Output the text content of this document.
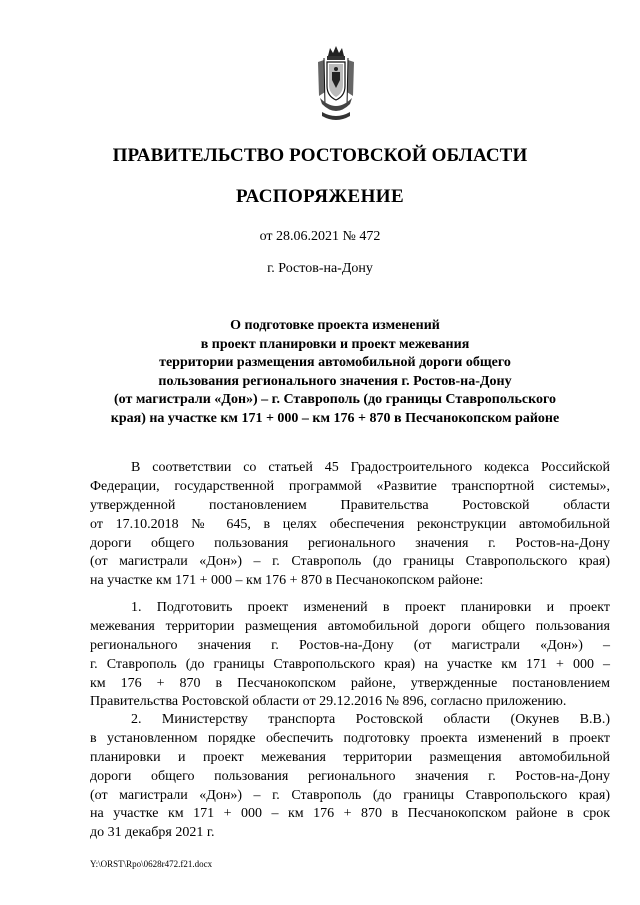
ПРАВИТЕЛЬСТВО РОСТОВСКОЙ ОБЛАСТИ
РАСПОРЯЖЕНИЕ
от 28.06.2021 № 472
г. Ростов-на-Дону
О подготовке проекта изменений
в проект планировки и проект межевания
территории размещения автомобильной дороги общего
пользования регионального значения г. Ростов-на-Дону
(от магистрали «Дон») – г. Ставрополь (до границы Ставропольского
края) на участке км 171 + 000 – км 176 + 870 в Песчанокопском районе
В соответствии со статьей 45 Градостроительного кодекса Российской
Федерации, государственной программой «Развитие транспортной системы»,
утвержденной постановлением Правительства Ростовской области
от 17.10.2018 № 645, в целях обеспечения реконструкции автомобильной
дороги общего пользования регионального значения г. Ростов-на-Дону
(от магистрали «Дон») – г. Ставрополь (до границы Ставропольского края)
на участке км 171 + 000 – км 176 + 870 в Песчанокопском районе:
1. Подготовить проект изменений в проект планировки и проект
межевания территории размещения автомобильной дороги общего пользования
регионального значения г. Ростов-на-Дону (от магистрали «Дон») –
г. Ставрополь (до границы Ставропольского края) на участке км 171 + 000 –
км 176 + 870 в Песчанокопском районе, утвержденные постановлением
Правительства Ростовской области от 29.12.2016 № 896, согласно приложению.
2. Министерству транспорта Ростовской области (Окунев В.В.)
в установленном порядке обеспечить подготовку проекта изменений в проект
планировки и проект межевания территории размещения автомобильной
дороги общего пользования регионального значения г. Ростов-на-Дону
(от магистрали «Дон») – г. Ставрополь (до границы Ставропольского края)
на участке км 171 + 000 – км 176 + 870 в Песчанокопском районе в срок
до 31 декабря 2021 г.
Y:\ORST\Rpo\0628r472.f21.docx
